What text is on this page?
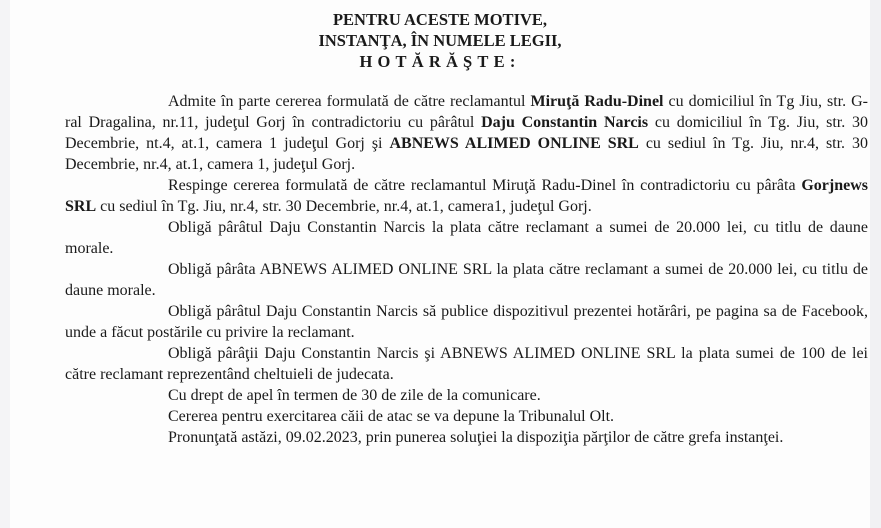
PENTRU ACESTE MOTIVE,
INSTANŢA, ÎN NUMELE LEGII,
HOTĂRĂŞTE:

Admite în parte cererea formulată de către reclamantul Miruţă Radu-Dinel cu domiciliul în Tg Jiu, str. G-ral Dragalina, nr.11, judeţul Gorj în contradictoriu cu pârâtul Daju Constantin Narcis cu domiciliul în Tg. Jiu, str. 30 Decembrie, nt.4, at.1, camera 1 judeţul Gorj şi ABNEWS ALIMED ONLINE SRL cu sediul în Tg. Jiu, nr.4, str. 30 Decembrie, nr.4, at.1, camera 1, judeţul Gorj.

Respinge cererea formulată de către reclamantul Miruţă Radu-Dinel în contradictoriu cu pârâta Gorjnews SRL cu sediul în Tg. Jiu, nr.4, str. 30 Decembrie, nr.4, at.1, camera1, judeţul Gorj.

Obligă pârâtul Daju Constantin Narcis la plata către reclamant a sumei de 20.000 lei, cu titlu de daune morale.

Obligă pârâta ABNEWS ALIMED ONLINE SRL la plata către reclamant a sumei de 20.000 lei, cu titlu de daune morale.

Obligă pârâtul Daju Constantin Narcis să publice dispozitivul prezentei hotărâri, pe pagina sa de Facebook, unde a făcut postările cu privire la reclamant.

Obligă pârâţii Daju Constantin Narcis şi ABNEWS ALIMED ONLINE SRL la plata sumei de 100 de lei către reclamant reprezentând cheltuieli de judecata.

Cu drept de apel în termen de 30 de zile de la comunicare.

Cererea pentru exercitarea căii de atac se va depune la Tribunalul Olt.

Pronunţată astăzi, 09.02.2023, prin punerea soluţiei la dispoziţia părţilor de către grefa instanţei.
